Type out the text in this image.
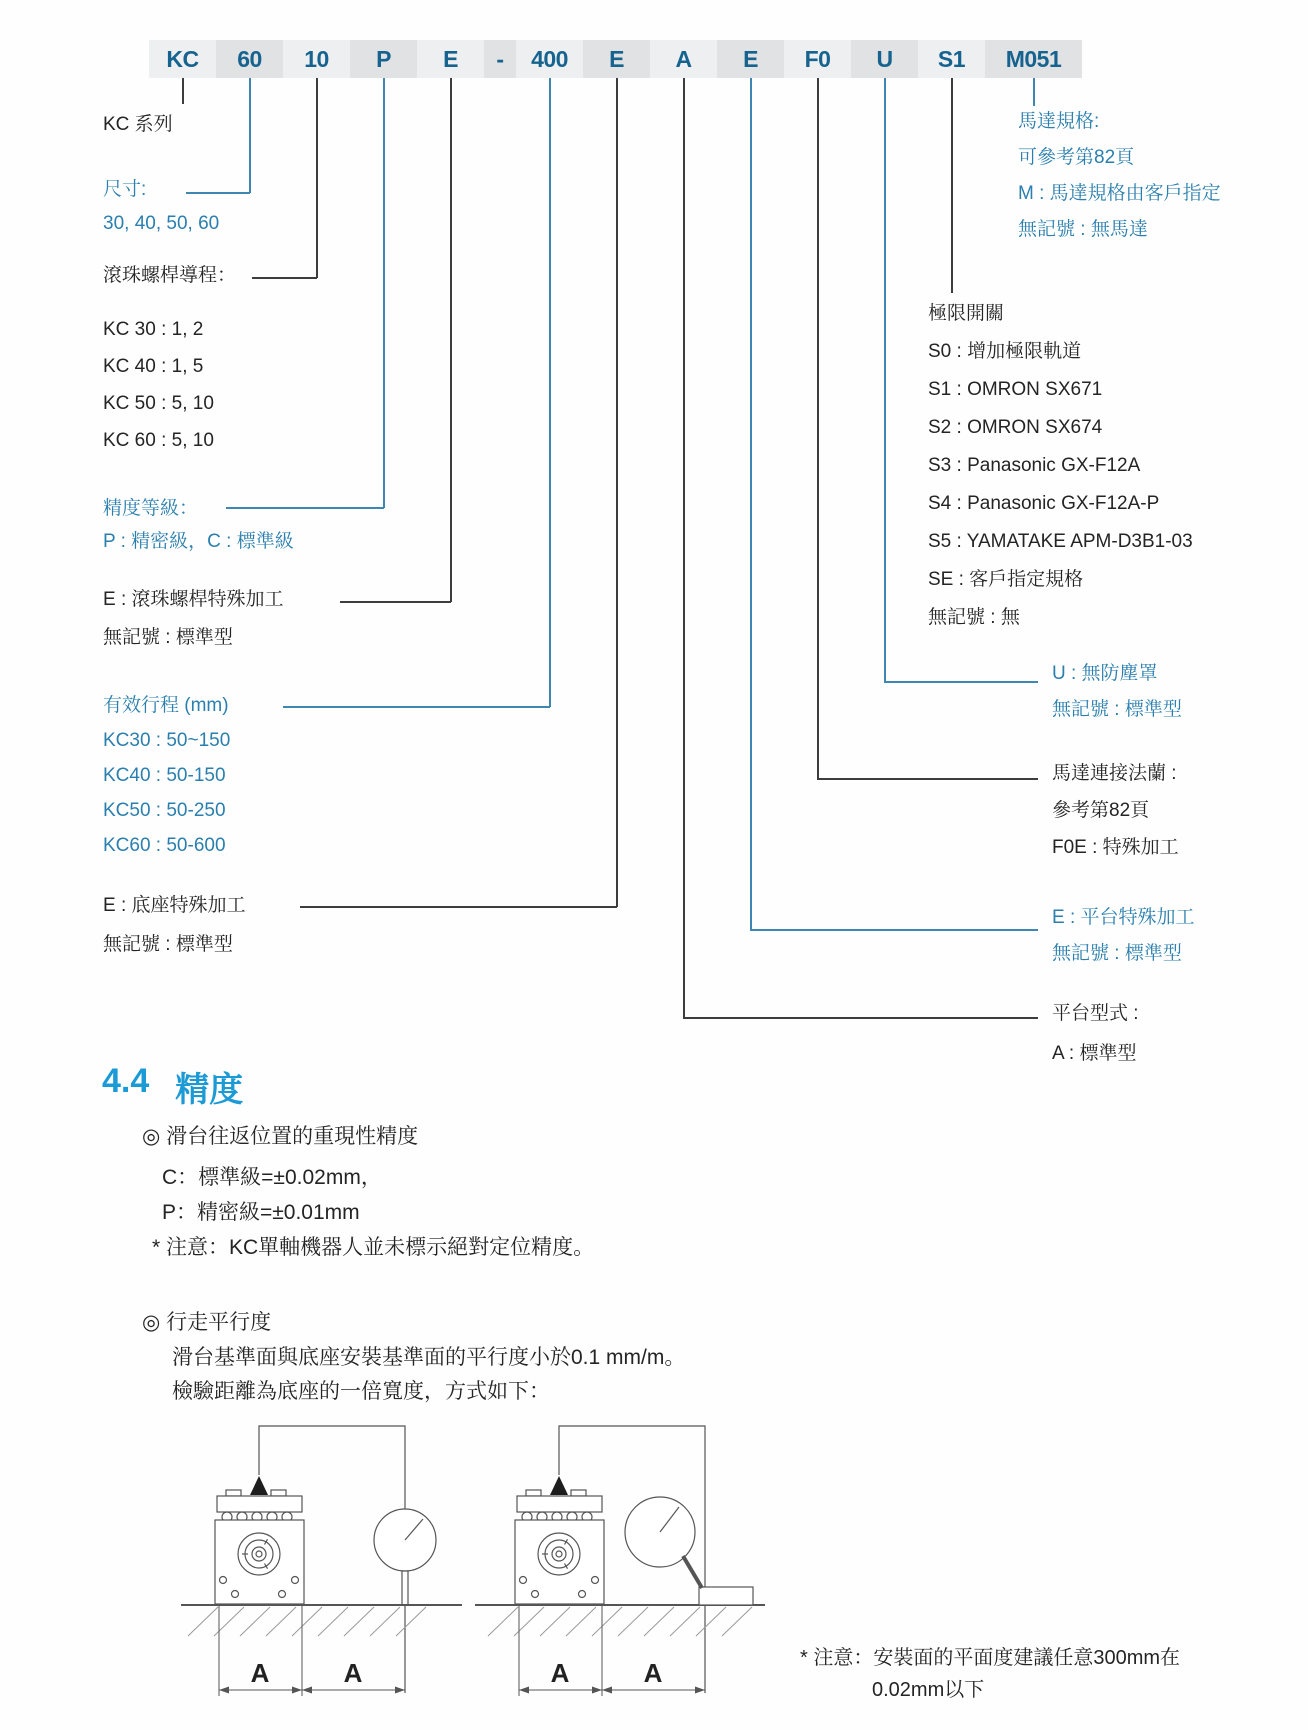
KC	60	10	P	E	-	400	E	A	E	F0	U	S1	M051
KC 系列
尺寸:
30, 40, 50, 60
滾珠螺桿導程：
KC 30 : 1, 2
KC 40 : 1, 5
KC 50 : 5, 10
KC 60 : 5, 10
精度等級：
P : 精密級，C : 標準級
E : 滾珠螺桿特殊加工
無記號 : 標準型
有效行程 (mm)
KC30 : 50~150
KC40 : 50-150
KC50 : 50-250
KC60 : 50-600
E : 底座特殊加工
無記號 : 標準型
馬達規格:
可參考第82頁
M : 馬達規格由客戶指定
無記號 : 無馬達
極限開關
S0 : 增加極限軌道
S1 : OMRON SX671
S2 : OMRON SX674
S3 : Panasonic GX-F12A
S4 : Panasonic GX-F12A-P
S5 : YAMATAKE APM-D3B1-03
SE : 客戶指定規格
無記號 : 無
U : 無防塵罩
無記號 : 標準型
馬達連接法蘭 :
參考第82頁
F0E : 特殊加工
E : 平台特殊加工
無記號 : 標準型
平台型式 :
A : 標準型
4.4 精度
◎ 滑台往返位置的重現性精度
C：標準級=±0.02mm，
P：精密級=±0.01mm
* 注意：KC單軸機器人並未標示絕對定位精度。
◎ 行走平行度
滑台基準面與底座安裝基準面的平行度小於0.1 mm/m。
檢驗距離為底座的一倍寬度，方式如下：
A	A	A	A	* 注意：安裝面的平面度建議任意300mm在
0.02mm以下
